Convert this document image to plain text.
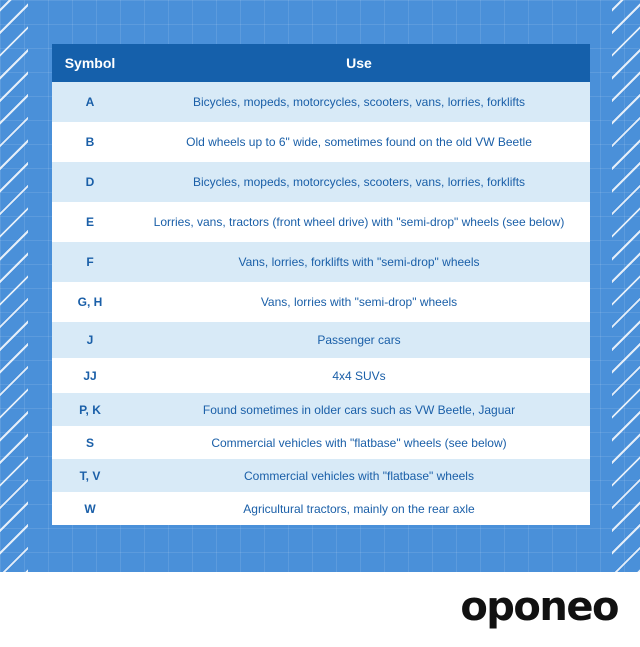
Symbol	Use
A	Bicycles, mopeds, motorcycles, scooters, vans, lorries, forklifts
B	Old wheels up to 6" wide, sometimes found on the old VW Beetle
D	Bicycles, mopeds, motorcycles, scooters, vans, lorries, forklifts
E	Lorries, vans, tractors (front wheel drive) with "semi-drop" wheels (see below)
F	Vans, lorries, forklifts with "semi-drop" wheels
G, H	Vans, lorries with "semi-drop" wheels
J	Passenger cars
JJ	4x4 SUVs
P, K	Found sometimes in older cars such as VW Beetle, Jaguar
S	Commercial vehicles with "flatbase" wheels (see below)
T, V	Commercial vehicles with "flatbase" wheels
W	Agricultural tractors, mainly on the rear axle
oponeo
